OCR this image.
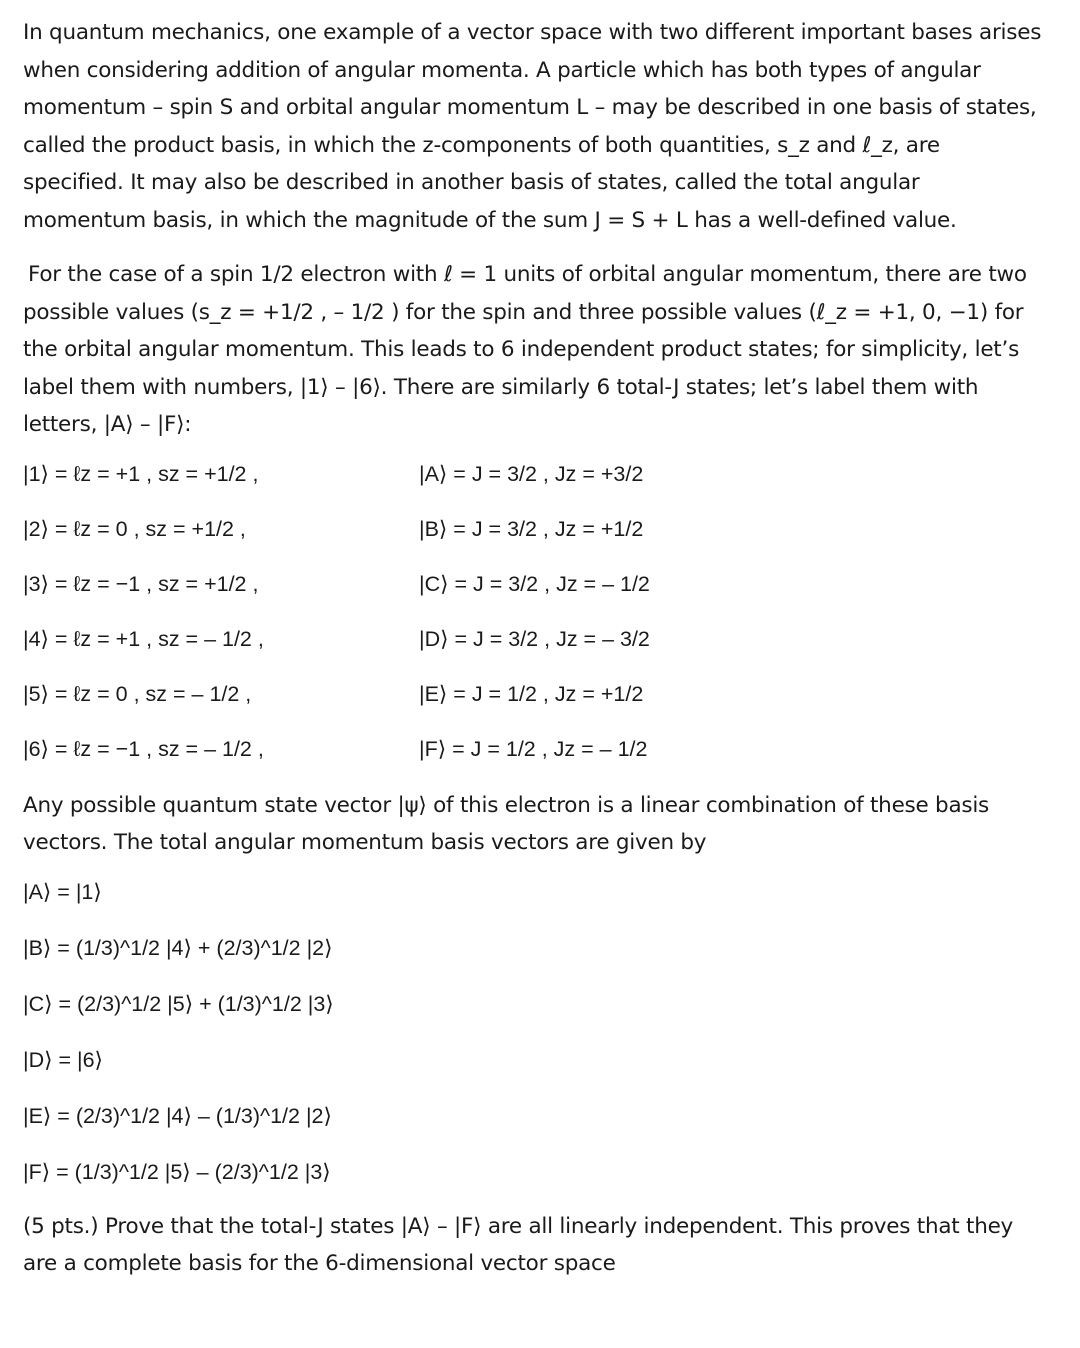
In quantum mechanics, one example of a vector space with two different important bases arises when considering addition of angular momenta. A particle which has both types of angular momentum – spin S and orbital angular momentum L – may be described in one basis of states, called the product basis, in which the z-components of both quantities, s_z and ℓ_z, are specified. It may also be described in another basis of states, called the total angular momentum basis, in which the magnitude of the sum J = S + L has a well-defined value.

For the case of a spin 1/2 electron with ℓ = 1 units of orbital angular momentum, there are two possible values (s_z = +1/2 , – 1/2 ) for the spin and three possible values (ℓ_z = +1, 0, −1) for the orbital angular momentum. This leads to 6 independent product states; for simplicity, let’s label them with numbers, |1⟩ – |6⟩. There are similarly 6 total-J states; let’s label them with letters, |A⟩ – |F⟩:

|1⟩ = ℓz = +1 , sz = +1/2 ,	|A⟩ = J = 3/2 , Jz = +3/2
|2⟩ = ℓz = 0 , sz = +1/2 ,	|B⟩ = J = 3/2 , Jz = +1/2
|3⟩ = ℓz = −1 , sz = +1/2 ,	|C⟩ = J = 3/2 , Jz = – 1/2
|4⟩ = ℓz = +1 , sz = – 1/2 ,	|D⟩ = J = 3/2 , Jz = – 3/2
|5⟩ = ℓz = 0 , sz = – 1/2 ,	|E⟩ = J = 1/2 , Jz = +1/2
|6⟩ = ℓz = −1 , sz = – 1/2 ,	|F⟩ = J = 1/2 , Jz = – 1/2

Any possible quantum state vector |ψ⟩ of this electron is a linear combination of these basis vectors. The total angular momentum basis vectors are given by

|A⟩ = |1⟩
|B⟩ = (1/3)^1/2 |4⟩ + (2/3)^1/2 |2⟩
|C⟩ = (2/3)^1/2 |5⟩ + (1/3)^1/2 |3⟩
|D⟩ = |6⟩
|E⟩ = (2/3)^1/2 |4⟩ – (1/3)^1/2 |2⟩
|F⟩ = (1/3)^1/2 |5⟩ – (2/3)^1/2 |3⟩

(5 pts.) Prove that the total-J states |A⟩ – |F⟩ are all linearly independent. This proves that they are a complete basis for the 6-dimensional vector space
